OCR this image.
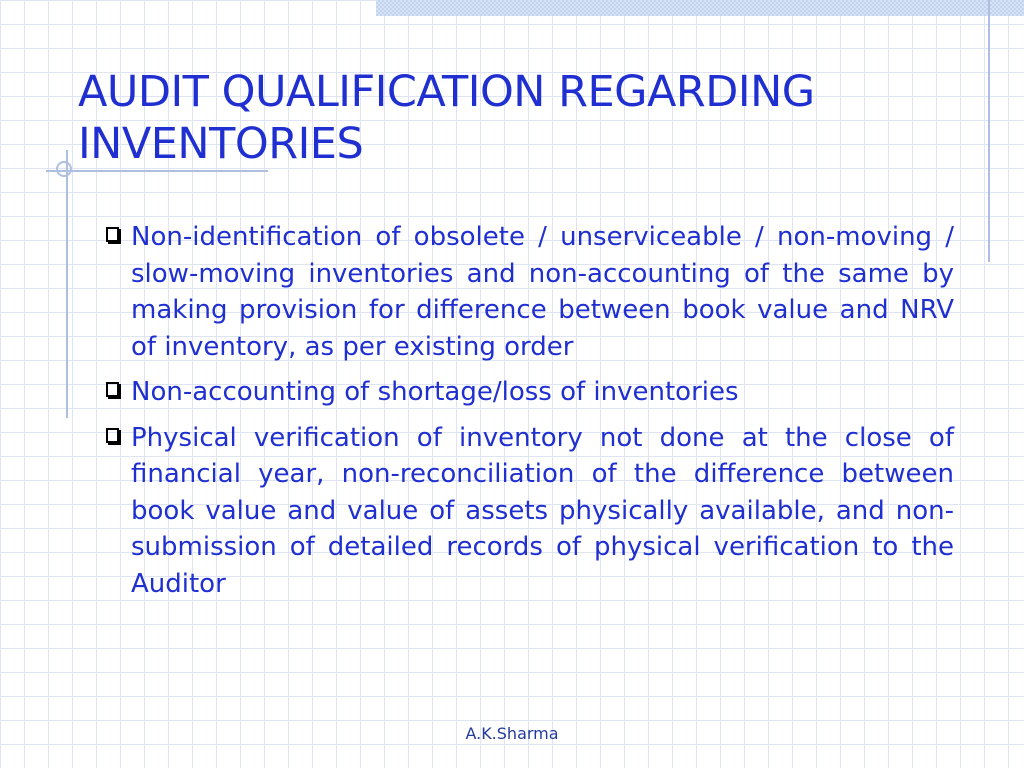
AUDIT QUALIFICATION REGARDING INVENTORIES
Non-identification of obsolete / unserviceable / non-moving / slow-moving inventories and non-accounting of the same by making provision for difference between book value and NRV of inventory, as per existing order
Non-accounting of shortage/loss of inventories
Physical verification of inventory not done at the close of financial year, non-reconciliation of the difference between book value and value of assets physically available, and non-submission of detailed records of physical verification to the Auditor
A.K.Sharma
